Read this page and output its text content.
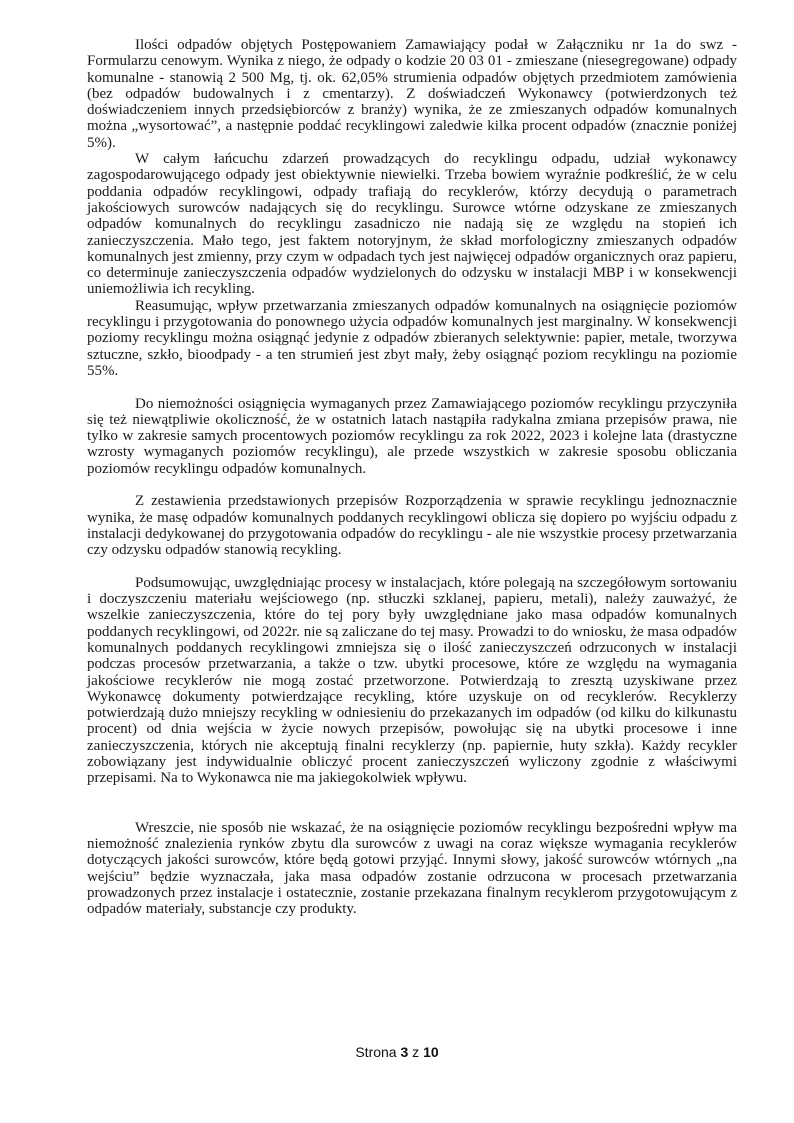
Ilości odpadów objętych Postępowaniem Zamawiający podał w Załączniku nr 1a do swz - Formularzu cenowym. Wynika z niego, że odpady o kodzie 20 03 01 - zmieszane (niesegregowane) odpady komunalne - stanowią 2 500 Mg, tj. ok. 62,05% strumienia odpadów objętych przedmiotem zamówienia (bez odpadów budowalnych i z cmentarzy). Z doświadczeń Wykonawcy (potwierdzonych też doświadczeniem innych przedsiębiorców z branży) wynika, że ze zmieszanych odpadów komunalnych można „wysortować”, a następnie poddać recyklingowi zaledwie kilka procent odpadów (znacznie poniżej 5%).

W całym łańcuchu zdarzeń prowadzących do recyklingu odpadu, udział wykonawcy zagospodarowującego odpady jest obiektywnie niewielki. Trzeba bowiem wyraźnie podkreślić, że w celu poddania odpadów recyklingowi, odpady trafiają do recyklerów, którzy decydują o parametrach jakościowych surowców nadających się do recyklingu. Surowce wtórne odzyskane ze zmieszanych odpadów komunalnych do recyklingu zasadniczo nie nadają się ze względu na stopień ich zanieczyszczenia. Mało tego, jest faktem notoryjnym, że skład morfologiczny zmieszanych odpadów komunalnych jest zmienny, przy czym w odpadach tych jest najwięcej odpadów organicznych oraz papieru, co determinuje zanieczyszczenia odpadów wydzielonych do odzysku w instalacji MBP i w konsekwencji uniemożliwia ich recykling.

Reasumując, wpływ przetwarzania zmieszanych odpadów komunalnych na osiągnięcie poziomów recyklingu i przygotowania do ponownego użycia odpadów komunalnych jest marginalny. W konsekwencji poziomy recyklingu można osiągnąć jedynie z odpadów zbieranych selektywnie: papier, metale, tworzywa sztuczne, szkło, bioodpady - a ten strumień jest zbyt mały, żeby osiągnąć poziom recyklingu na poziomie 55%.

Do niemożności osiągnięcia wymaganych przez Zamawiającego poziomów recyklingu przyczyniła się też niewątpliwie okoliczność, że w ostatnich latach nastąpiła radykalna zmiana przepisów prawa, nie tylko w zakresie samych procentowych poziomów recyklingu za rok 2022, 2023 i kolejne lata (drastyczne wzrosty wymaganych poziomów recyklingu), ale przede wszystkich w zakresie sposobu obliczania poziomów recyklingu odpadów komunalnych.

Z zestawienia przedstawionych przepisów Rozporządzenia w sprawie recyklingu jednoznacznie wynika, że masę odpadów komunalnych poddanych recyklingowi oblicza się dopiero po wyjściu odpadu z instalacji dedykowanej do przygotowania odpadów do recyklingu - ale nie wszystkie procesy przetwarzania czy odzysku odpadów stanowią recykling.

Podsumowując, uwzględniając procesy w instalacjach, które polegają na szczegółowym sortowaniu i doczyszczeniu materiału wejściowego (np. stłuczki szklanej, papieru, metali), należy zauważyć, że wszelkie zanieczyszczenia, które do tej pory były uwzględniane jako masa odpadów komunalnych poddanych recyklingowi, od 2022r. nie są zaliczane do tej masy. Prowadzi to do wniosku, że masa odpadów komunalnych poddanych recyklingowi zmniejsza się o ilość zanieczyszczeń odrzuconych w instalacji podczas procesów przetwarzania, a także o tzw. ubytki procesowe, które ze względu na wymagania jakościowe recyklerów nie mogą zostać przetworzone. Potwierdzają to zresztą uzyskiwane przez Wykonawcę dokumenty potwierdzające recykling, które uzyskuje on od recyklerów. Recyklerzy potwierdzają dużo mniejszy recykling w odniesieniu do przekazanych im odpadów (od kilku do kilkunastu procent) od dnia wejścia w życie nowych przepisów, powołując się na ubytki procesowe i inne zanieczyszczenia, których nie akceptują finalni recyklerzy (np. papiernie, huty szkła). Każdy recykler zobowiązany jest indywidualnie obliczyć procent zanieczyszczeń wyliczony zgodnie z właściwymi przepisami. Na to Wykonawca nie ma jakiegokolwiek wpływu.

Wreszcie, nie sposób nie wskazać, że na osiągnięcie poziomów recyklingu bezpośredni wpływ ma niemożność znalezienia rynków zbytu dla surowców z uwagi na coraz większe wymagania recyklerów dotyczących jakości surowców, które będą gotowi przyjąć. Innymi słowy, jakość surowców wtórnych „na wejściu” będzie wyznaczała, jaka masa odpadów zostanie odrzucona w procesach przetwarzania prowadzonych przez instalacje i ostatecznie, zostanie przekazana finalnym recyklerom przygotowującym z odpadów materiały, substancje czy produkty.

Strona 3 z 10
